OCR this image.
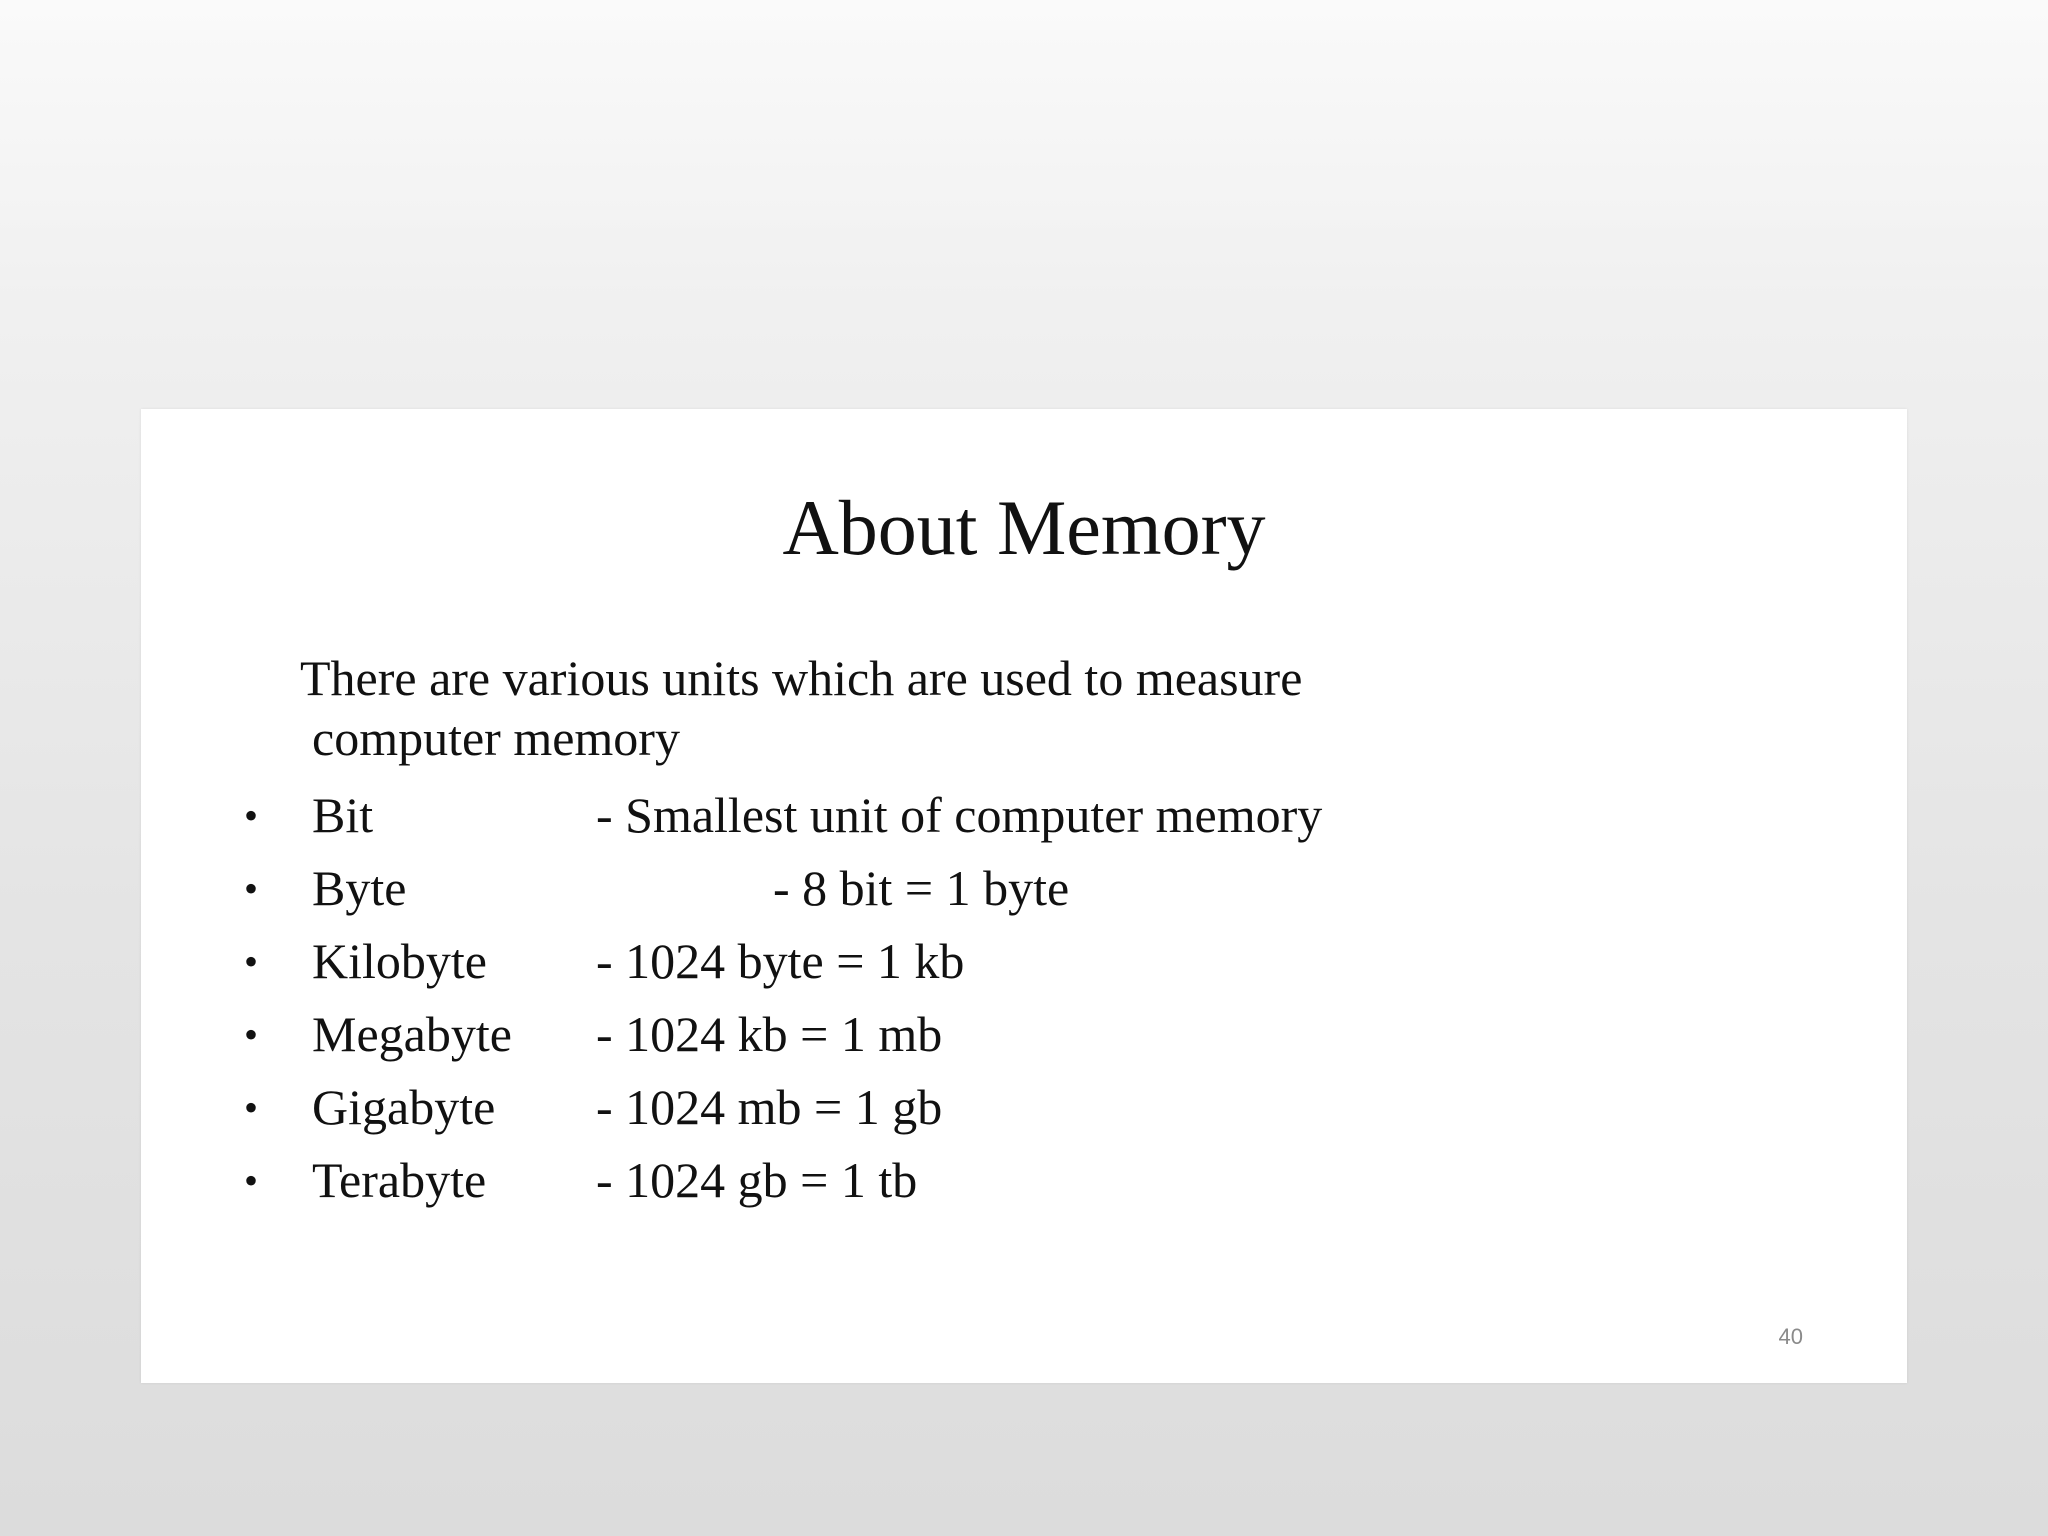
About Memory

There are various units which are used to measure
computer memory

• Bit	- Smallest unit of computer memory
• Byte	- 8 bit = 1 byte
• Kilobyte - 1024 byte = 1 kb
• Megabyte - 1024 kb = 1 mb
• Gigabyte - 1024 mb = 1 gb
• Terabyte - 1024 gb = 1 tb
40
